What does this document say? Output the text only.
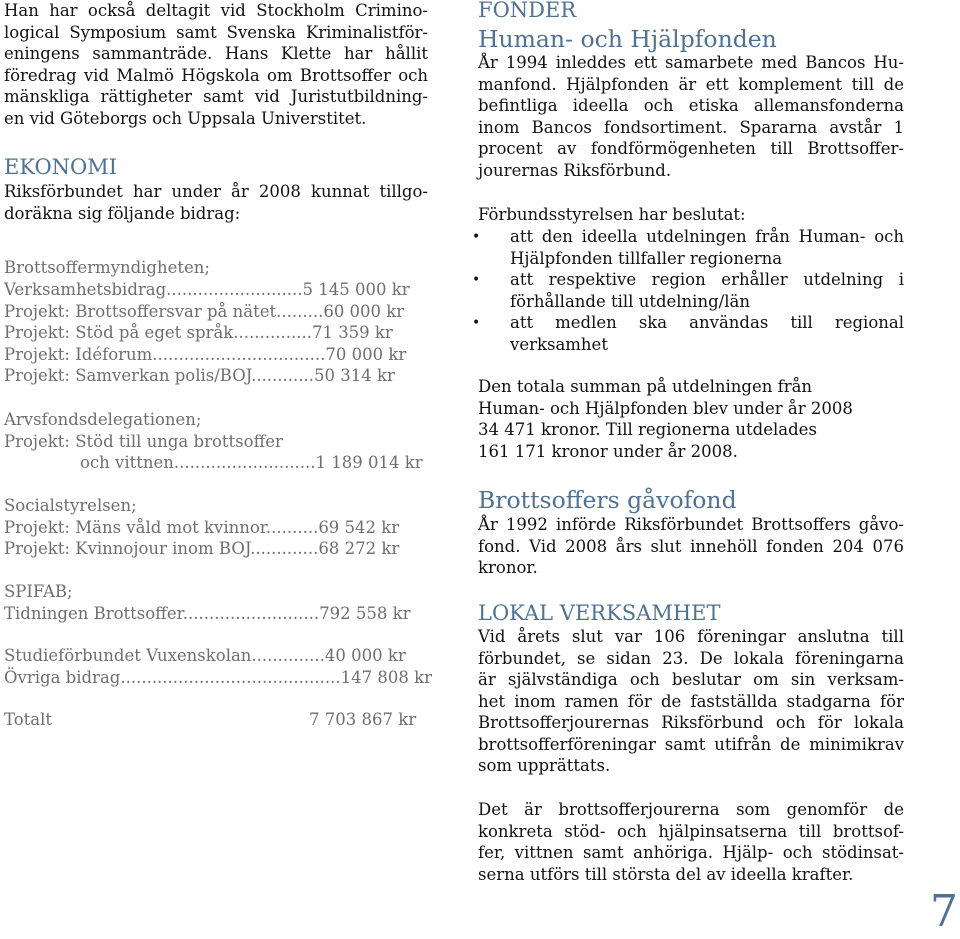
Han har också deltagit vid Stockholm Crimino-
logical Symposium samt Svenska Kriminalistför-
eningens sammanträde. Hans Klette har hållit
föredrag vid Malmö Högskola om Brottsoffer och
mänskliga rättigheter samt vid Juristutbildning-
en vid Göteborgs och Uppsala Universtitet.
EKONOMI
Riksförbundet har under år 2008 kunnat tillgo-
doräkna sig följande bidrag:
Brottsoffermyndigheten;
Verksamhetsbidrag..........................5 145 000 kr
Projekt: Brottsoffersvar på nätet.........60 000 kr
Projekt: Stöd på eget språk...............71 359 kr
Projekt: Idéforum.................................70 000 kr
Projekt: Samverkan polis/BOJ............50 314 kr
Arvsfondsdelegationen;
Projekt: Stöd till unga brottsoffer
och vittnen...........................1 189 014 kr
Socialstyrelsen;
Projekt: Mäns våld mot kvinnor..........69 542 kr
Projekt: Kvinnojour inom BOJ.............68 272 kr
SPIFAB;
Tidningen Brottsoffer..........................792 558 kr
Studieförbundet Vuxenskolan..............40 000 kr
Övriga bidrag..........................................147 808 kr
Totalt	7 703 867 kr
FONDER
Human- och Hjälpfonden
År 1994 inleddes ett samarbete med Bancos Hu-
manfond. Hjälpfonden är ett komplement till de
befintliga ideella och etiska allemansfonderna
inom Bancos fondsortiment. Spararna avstår 1
procent av fondförmögenheten till Brottsoffer-
jourernas Riksförbund.
Förbundsstyrelsen har beslutat:
• att den ideella utdelningen från Human- och
Hjälpfonden tillfaller regionerna
• att respektive region erhåller utdelning i
förhållande till utdelning/län
• att medlen ska användas till regional
verksamhet
Den totala summan på utdelningen från
Human- och Hjälpfonden blev under år 2008
34 471 kronor. Till regionerna utdelades
161 171 kronor under år 2008.
Brottsoffers gåvofond
År 1992 införde Riksförbundet Brottsoffers gåvo-
fond. Vid 2008 års slut innehöll fonden 204 076
kronor.
LOKAL VERKSAMHET
Vid årets slut var 106 föreningar anslutna till
förbundet, se sidan 23. De lokala föreningarna
är självständiga och beslutar om sin verksam-
het inom ramen för de fastställda stadgarna för
Brottsofferjourernas Riksförbund och för lokala
brottsofferföreningar samt utifrån de minimikrav
som upprättats.
Det är brottsofferjourerna som genomför de
konkreta stöd- och hjälpinsatserna till brottsof-
fer, vittnen samt anhöriga. Hjälp- och stödinsat-
serna utförs till största del av ideella krafter.
7
